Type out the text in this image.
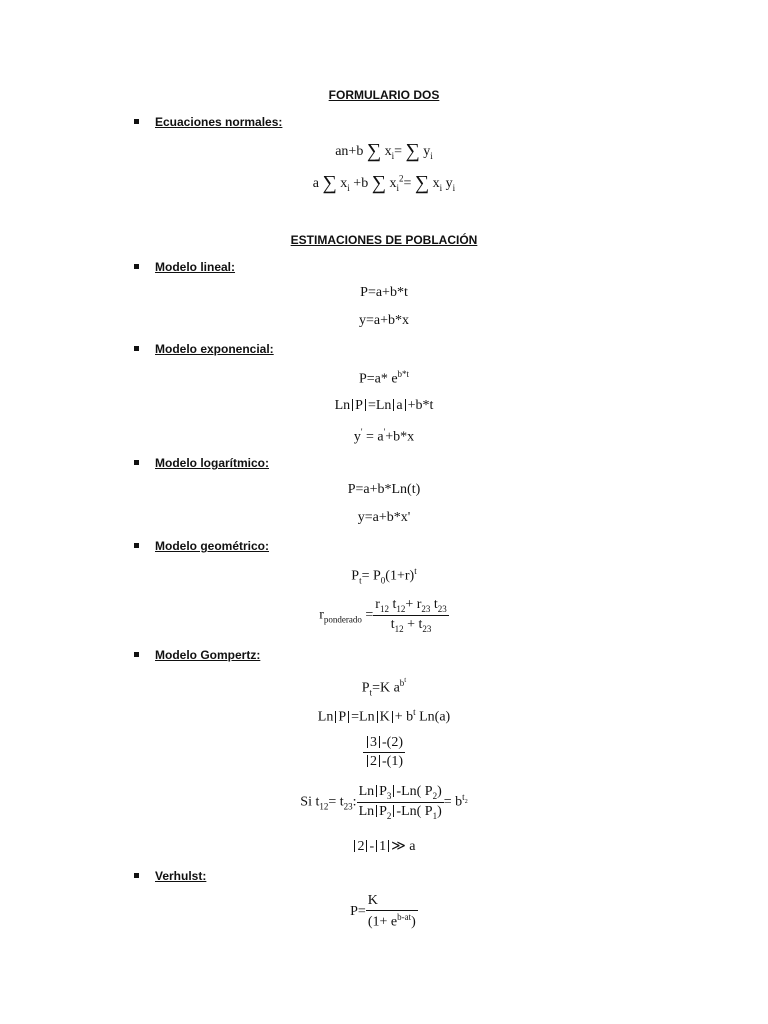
FORMULARIO DOS
Ecuaciones normales:
an+b ∑ $x_i=$ ∑ $y_i$
a ∑ $x_i +b$ ∑ $x_i^2=$ ∑ $x_i$ $y_i$
ESTIMACIONES DE POBLACIÓN
Modelo lineal:
P=a+b*t
y=a+b*x
Modelo exponencial:
P=a* $e^{b*t}$
Ln P =Ln a +b*t
y' = a'+b*x
Modelo logarítmico:
P=a+b*Ln(t)
y=a+b*x'
Modelo geométrico:
$P_t= P_0(1+r)^t$
$r_{ponderado} = \frac{r_{12} t_{12}+ r_{23} t_{23}}{t_{12} + t_{23}}$
Modelo Gompertz:
$P_t=K$ $a^{b^t}$
Ln P =Ln $K + b^t$ Ln(a)
$\frac{3 -(2)}{2 -(1)}$
Si $t_{12}= t_{23}$: $\frac{Ln P_3 -Ln( P_2)}{Ln P_2 -Ln( P_1)} = b^{t_2}$
2 - 1 ≫ a
Verhulst:
$P= \frac{K}{(1+ e^{b-at})}$
